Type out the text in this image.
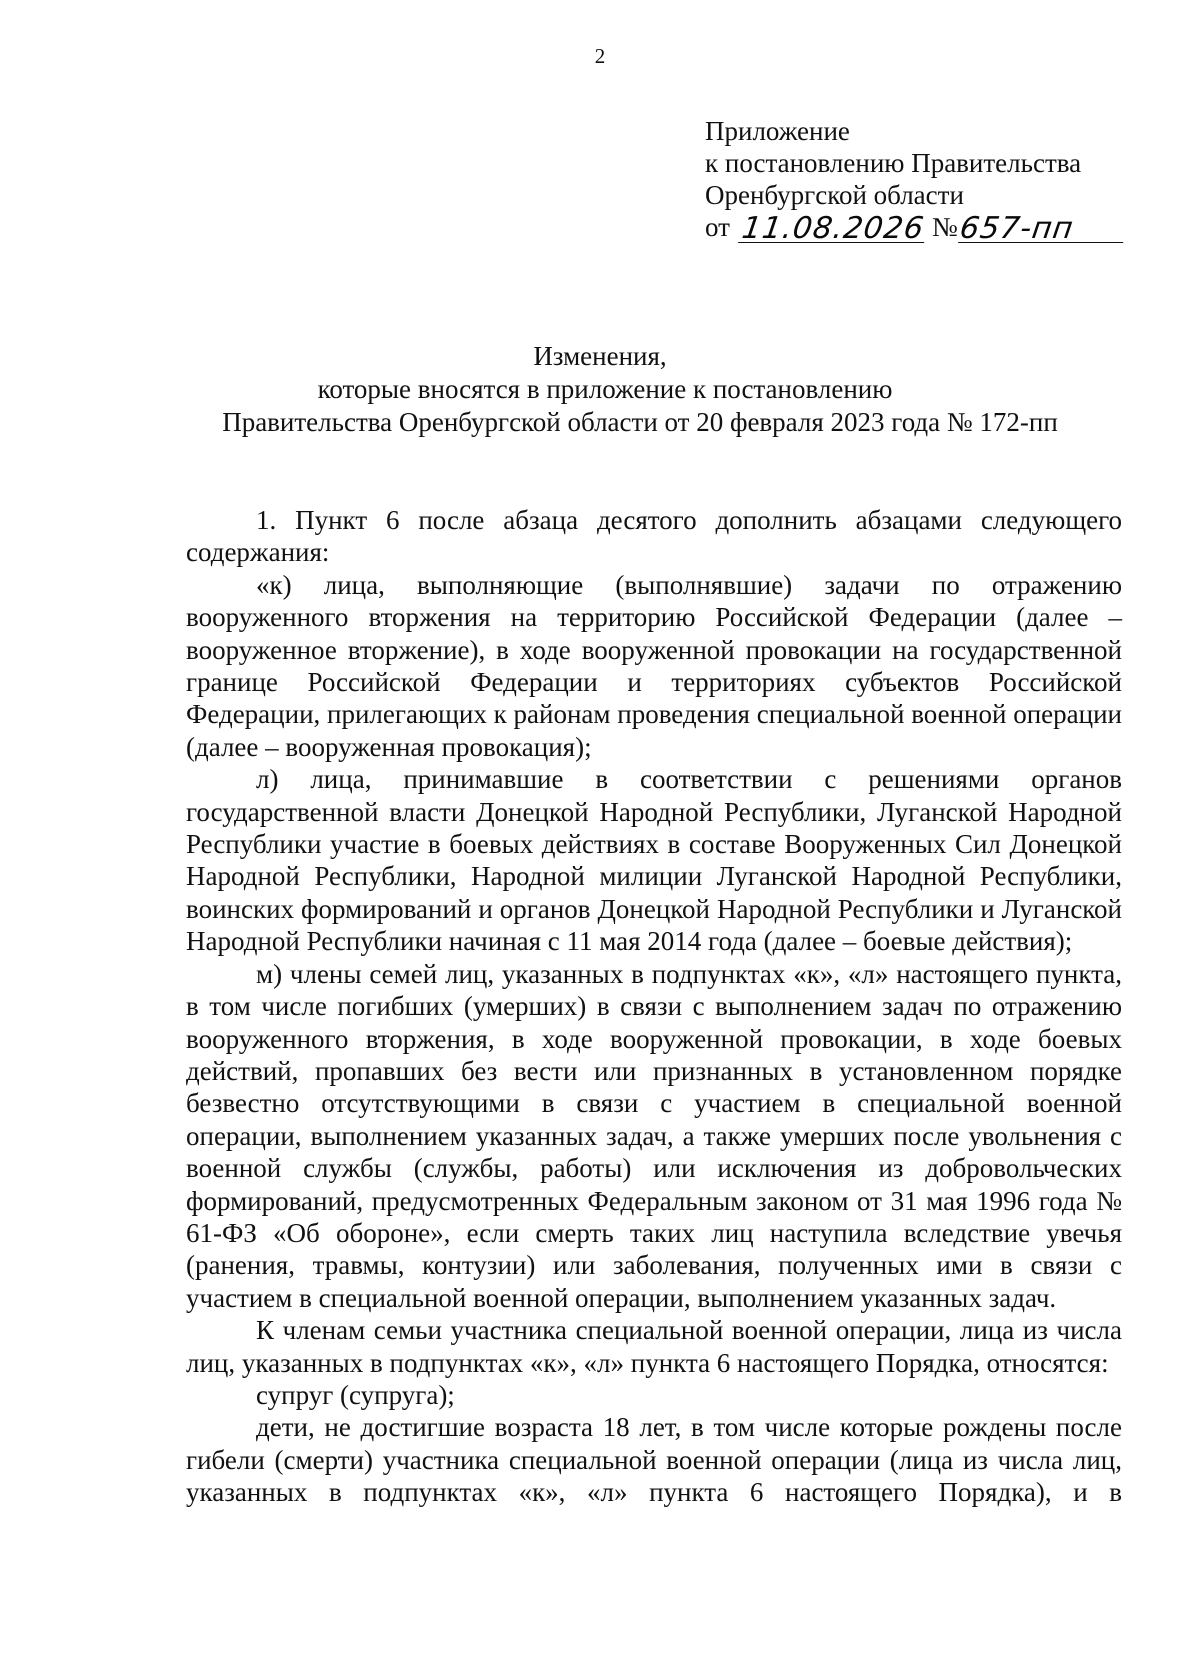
2
Приложение
к постановлению Правительства
Оренбургской области
от 11.08.2026 № 657-пп
Изменения,
которые вносятся в приложение к постановлению
Правительства Оренбургской области от 20 февраля 2023 года № 172-пп

1. Пункт 6 после абзаца десятого дополнить абзацами следующего содержания:

«к) лица, выполняющие (выполнявшие) задачи по отражению вооруженного вторжения на территорию Российской Федерации (далее – вооруженное вторжение), в ходе вооруженной провокации на государственной границе Российской Федерации и территориях субъектов Российской Федерации, прилегающих к районам проведения специальной военной операции (далее – вооруженная провокация);

л) лица, принимавшие в соответствии с решениями органов государственной власти Донецкой Народной Республики, Луганской Народной Республики участие в боевых действиях в составе Вооруженных Сил Донецкой Народной Республики, Народной милиции Луганской Народной Республики, воинских формирований и органов Донецкой Народной Республики и Луганской Народной Республики начиная с 11 мая 2014 года (далее – боевые действия);

м) члены семей лиц, указанных в подпунктах «к», «л» настоящего пункта, в том числе погибших (умерших) в связи с выполнением задач по отражению вооруженного вторжения, в ходе вооруженной провокации, в ходе боевых действий, пропавших без вести или признанных в установленном порядке безвестно отсутствующими в связи с участием в специальной военной операции, выполнением указанных задач, а также умерших после увольнения с военной службы (службы, работы) или исключения из добровольческих формирований, предусмотренных Федеральным законом от 31 мая 1996 года № 61-ФЗ «Об обороне», если смерть таких лиц наступила вследствие увечья (ранения, травмы, контузии) или заболевания, полученных ими в связи с участием в специальной военной операции, выполнением указанных задач.

К членам семьи участника специальной военной операции, лица из числа лиц, указанных в подпунктах «к», «л» пункта 6 настоящего Порядка, относятся:

супруг (супруга);

дети, не достигшие возраста 18 лет, в том числе которые рождены после гибели (смерти) участника специальной военной операции (лица из числа лиц, указанных в подпунктах «к», «л» пункта 6 настоящего Порядка), и в
